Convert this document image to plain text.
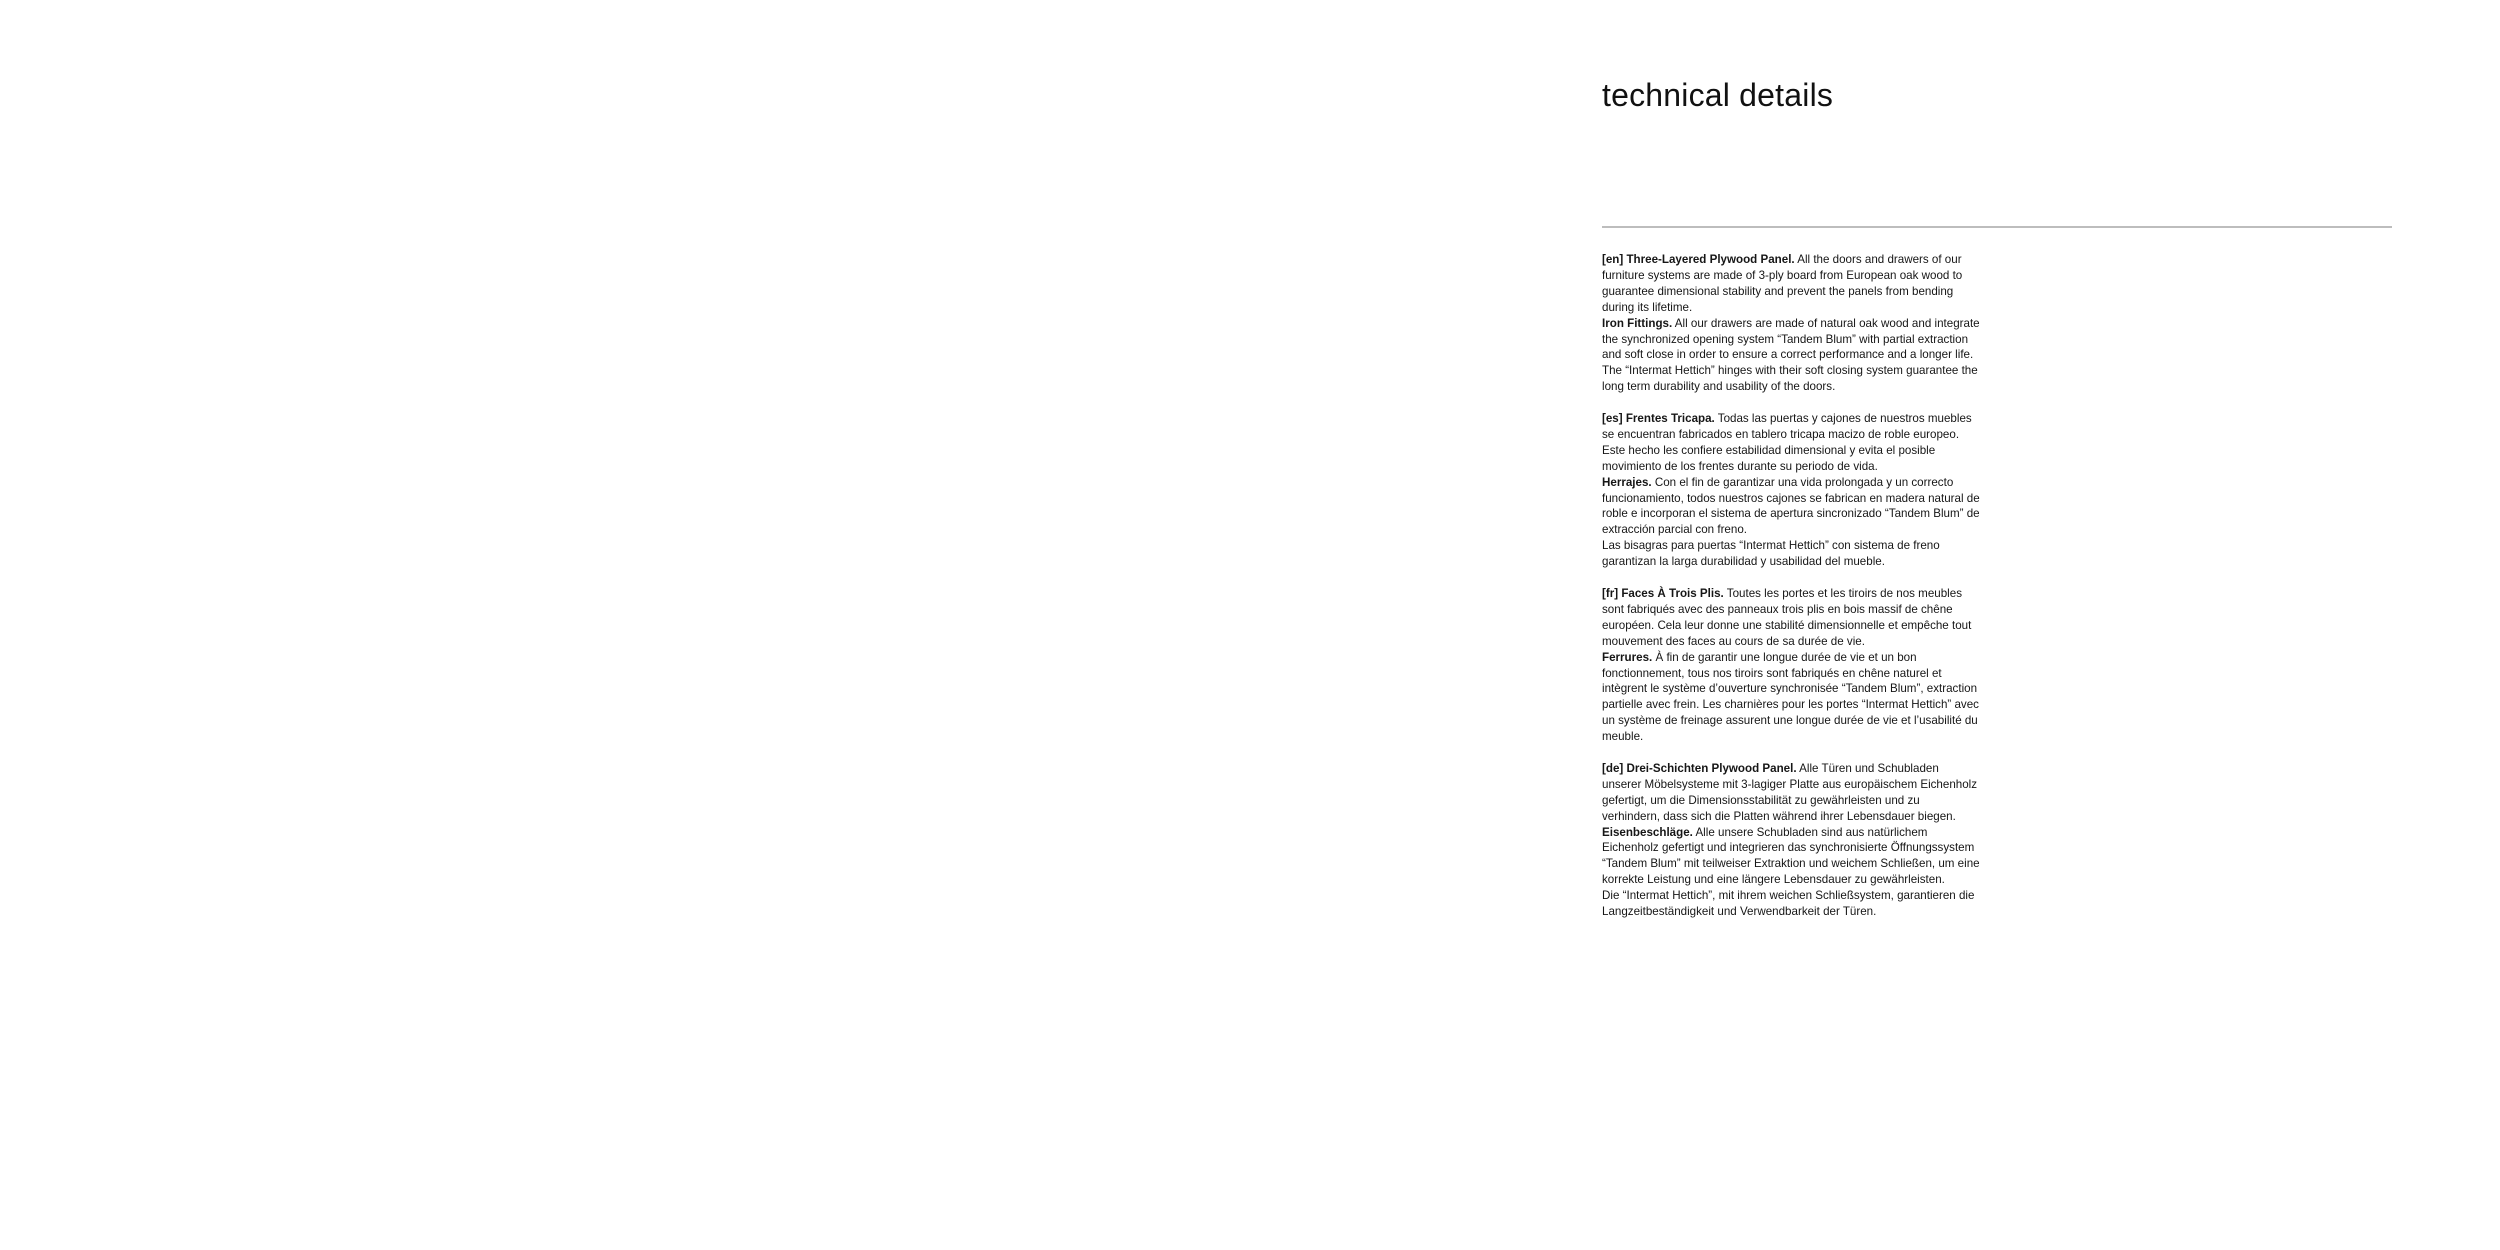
technical details

[en] Three-Layered Plywood Panel. All the doors and drawers of our furniture systems are made of 3-ply board from European oak wood to guarantee dimensional stability and prevent the panels from bending during its lifetime.

Iron Fittings. All our drawers are made of natural oak wood and integrate the synchronized opening system “Tandem Blum” with partial extraction and soft close in order to ensure a correct performance and a longer life.

The “Intermat Hettich” hinges with their soft closing system guarantee the long term durability and usability of the doors.

[es] Frentes Tricapa. Todas las puertas y cajones de nuestros muebles se encuentran fabricados en tablero tricapa macizo de roble europeo. Este hecho les confiere estabilidad dimensional y evita el posible movimiento de los frentes durante su periodo de vida.

Herrajes. Con el fin de garantizar una vida prolongada y un correcto funcionamiento, todos nuestros cajones se fabrican en madera natural de roble e incorporan el sistema de apertura sincronizado “Tandem Blum” de extracción parcial con freno.

Las bisagras para puertas “Intermat Hettich” con sistema de freno garantizan la larga durabilidad y usabilidad del mueble.

[fr] Faces À Trois Plis. Toutes les portes et les tiroirs de nos meubles sont fabriqués avec des panneaux trois plis en bois massif de chêne européen. Cela leur donne une stabilité dimensionnelle et empêche tout mouvement des faces au cours de sa durée de vie.

Ferrures. À fin de garantir une longue durée de vie et un bon fonctionnement, tous nos tiroirs sont fabriqués en chêne naturel et intègrent le système d’ouverture synchronisée “Tandem Blum”, extraction partielle avec frein. Les charnières pour les portes “Intermat Hettich” avec un système de freinage assurent une longue durée de vie et l’usabilité du meuble.

[de] Drei-Schichten Plywood Panel. Alle Türen und Schubladen unserer Möbelsysteme mit 3-lagiger Platte aus europäischem Eichenholz gefertigt, um die Dimensionsstabilität zu gewährleisten und zu verhindern, dass sich die Platten während ihrer Lebensdauer biegen.

Eisenbeschläge. Alle unsere Schubladen sind aus natürlichem Eichenholz gefertigt und integrieren das synchronisierte Öffnungssystem “Tandem Blum” mit teilweiser Extraktion und weichem Schließen, um eine korrekte Leistung und eine längere Lebensdauer zu gewährleisten.

Die “Intermat Hettich”, mit ihrem weichen Schließsystem, garantieren die Langzeitbeständigkeit und Verwendbarkeit der Türen.
